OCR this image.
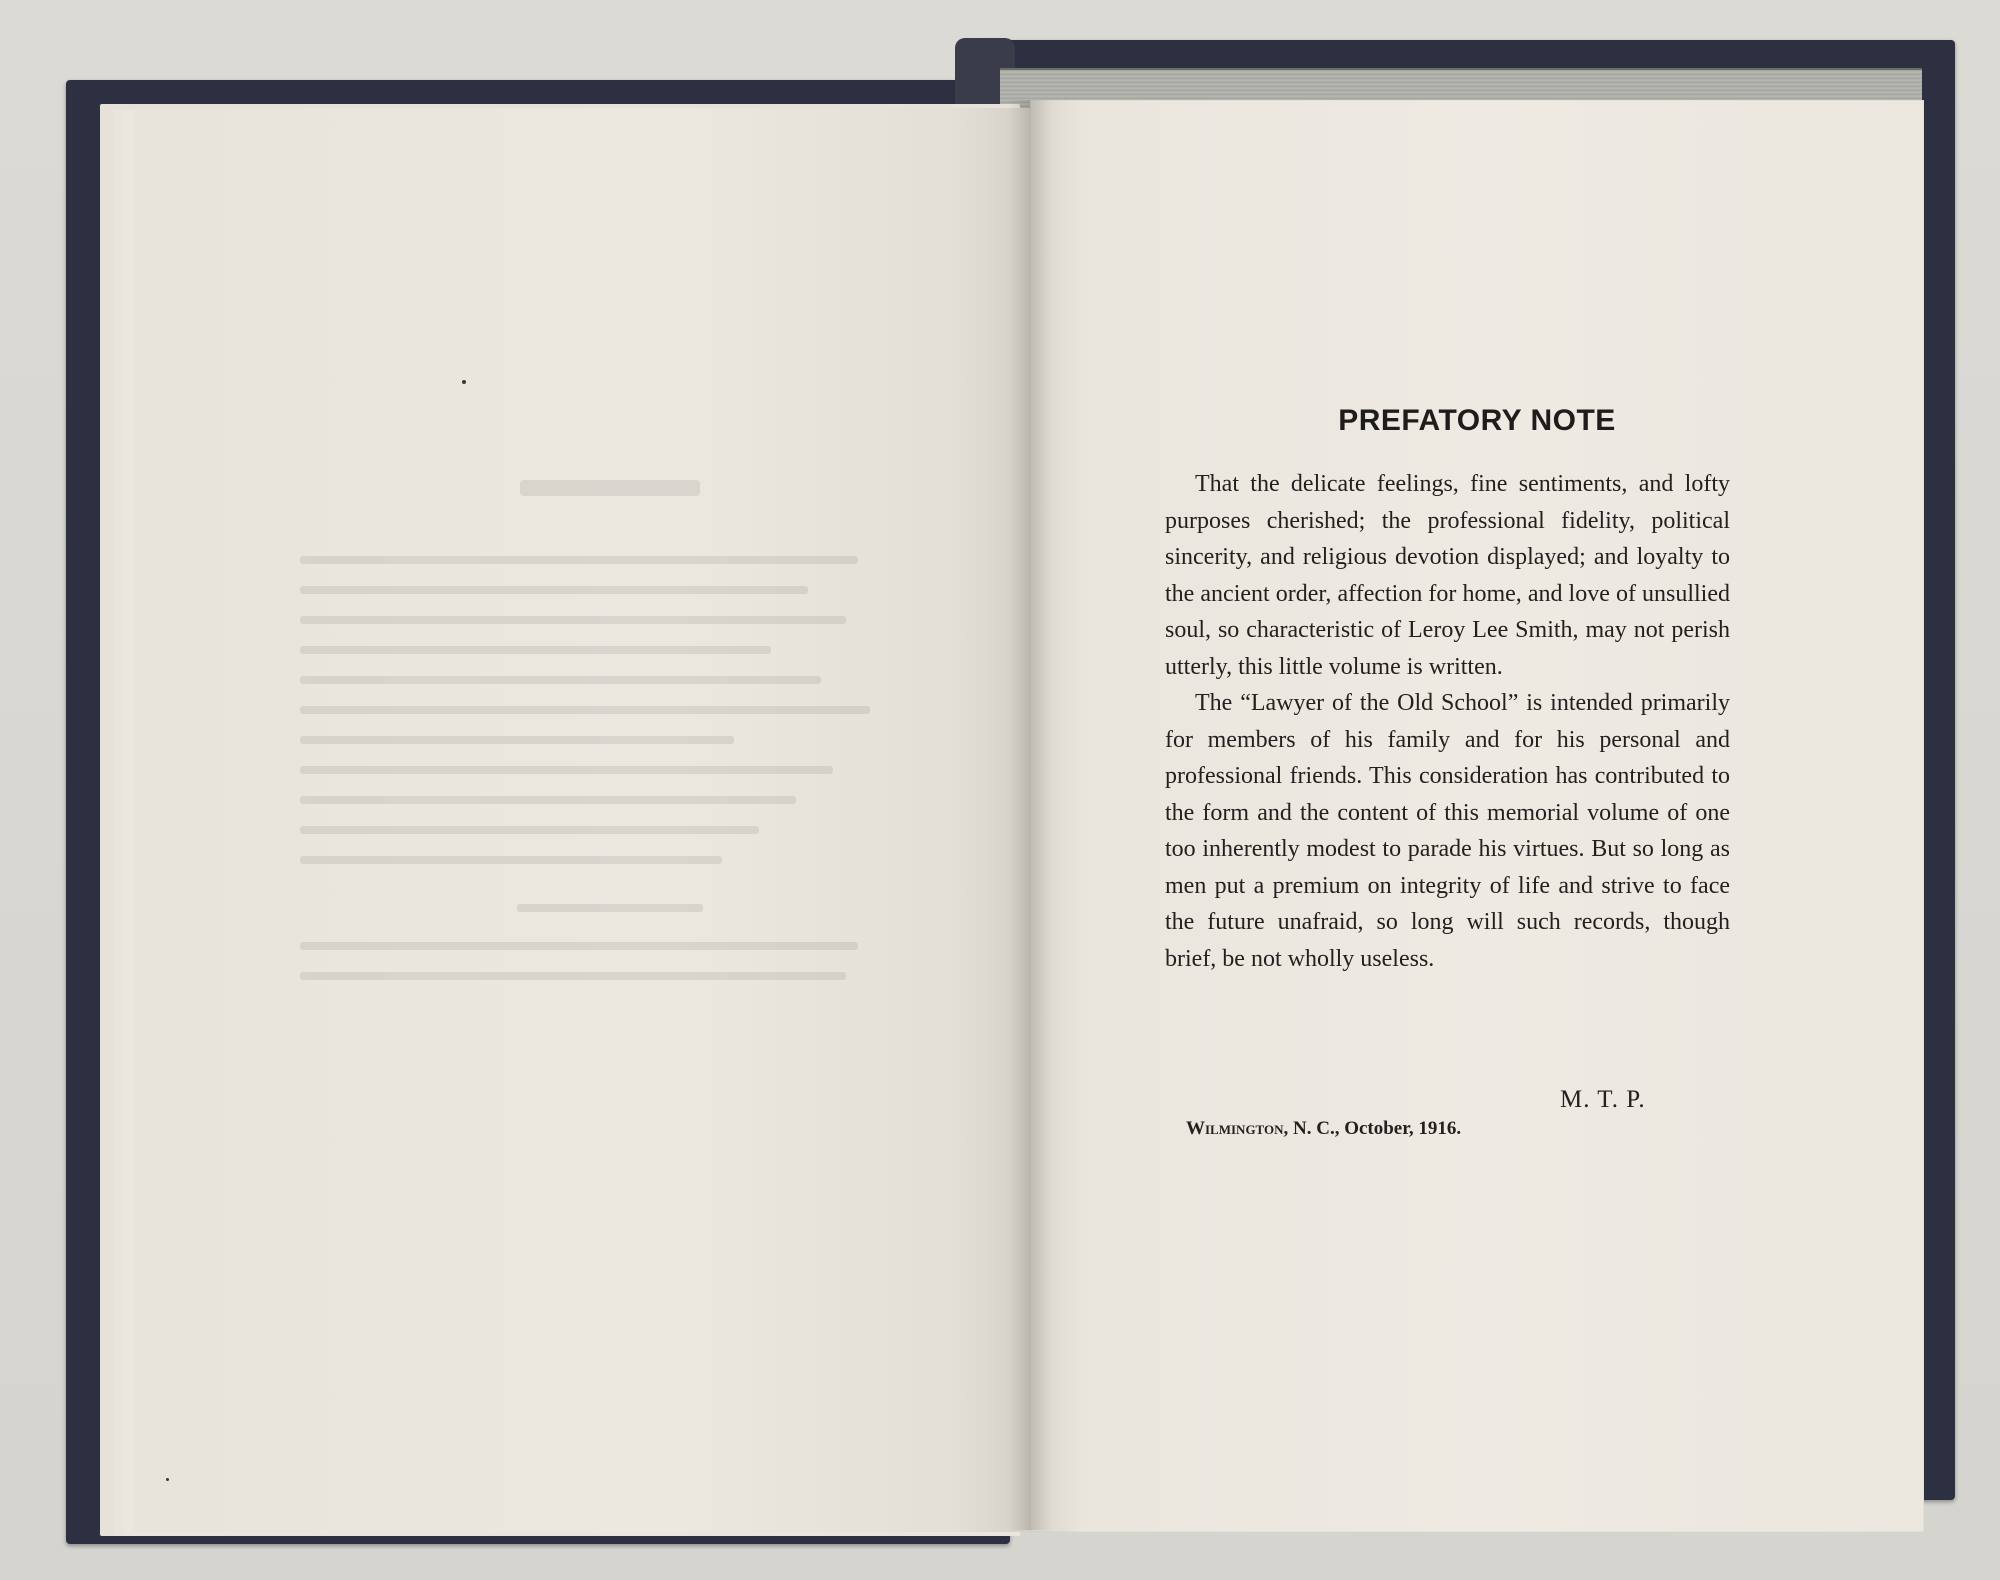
PREFATORY NOTE

That the delicate feelings, fine sentiments, and lofty purposes cherished; the professional fidelity, political sincerity, and religious devotion displayed; and loyalty to the ancient order, affection for home, and love of unsullied soul, so characteristic of Leroy Lee Smith, may not perish utterly, this little volume is written.

The “Lawyer of the Old School” is intended primarily for members of his family and for his personal and professional friends. This consideration has contributed to the form and the content of this memorial volume of one too inherently modest to parade his virtues. But so long as men put a premium on integrity of life and strive to face the future unafraid, so long will such records, though brief, be not wholly useless.

M. T. P.
Wilmington, N. C., October, 1916.
